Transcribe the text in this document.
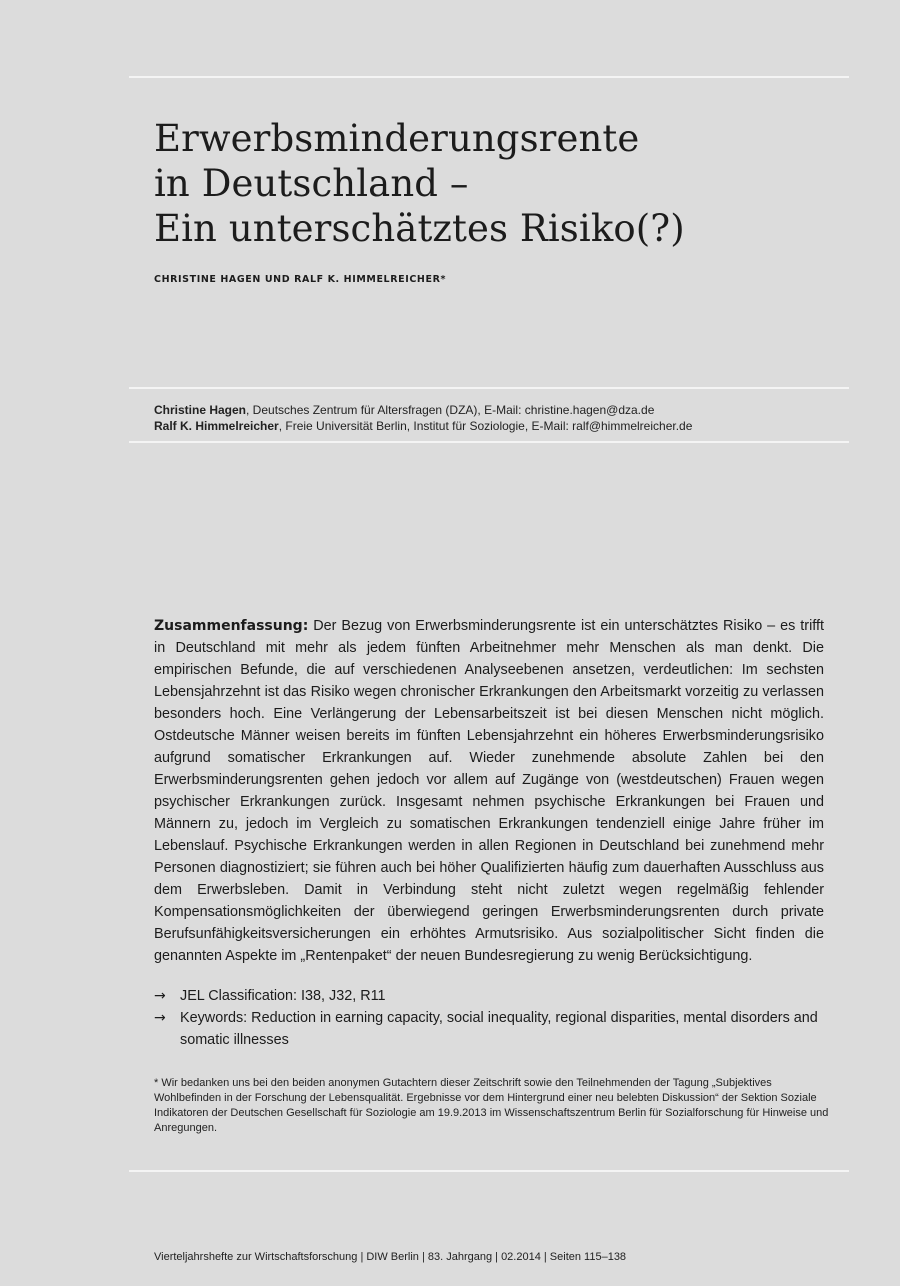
Erwerbsminderungsrente
in Deutschland –
Ein unterschätztes Risiko(?)
CHRISTINE HAGEN UND RALF K. HIMMELREICHER*
Christine Hagen, Deutsches Zentrum für Altersfragen (DZA), E-Mail: christine.hagen@dza.de
Ralf K. Himmelreicher, Freie Universität Berlin, Institut für Soziologie, E-Mail: ralf@himmelreicher.de
Zusammenfassung: Der Bezug von Erwerbsminderungsrente ist ein unterschätztes Risiko – es trifft in Deutschland mit mehr als jedem fünften Arbeitnehmer mehr Menschen als man denkt. Die empirischen Befunde, die auf verschiedenen Analyseebenen ansetzen, verdeutlichen: Im sechsten Lebensjahrzehnt ist das Risiko wegen chronischer Erkrankungen den Arbeitsmarkt vorzeitig zu verlassen besonders hoch. Eine Verlängerung der Lebensarbeitszeit ist bei diesen Menschen nicht möglich. Ostdeutsche Männer weisen bereits im fünften Lebensjahrzehnt ein höheres Erwerbsminderungsrisiko aufgrund somatischer Erkrankungen auf. Wieder zunehmende absolute Zahlen bei den Erwerbsminderungsrenten gehen jedoch vor allem auf Zugänge von (westdeutschen) Frauen wegen psychischer Erkrankungen zurück. Insgesamt nehmen psychische Erkrankungen bei Frauen und Männern zu, jedoch im Vergleich zu somatischen Erkrankungen tendenziell einige Jahre früher im Lebenslauf. Psychische Erkrankungen werden in allen Regionen in Deutschland bei zunehmend mehr Personen diagnostiziert; sie führen auch bei höher Qualifizierten häufig zum dauerhaften Ausschluss aus dem Erwerbsleben. Damit in Verbindung steht nicht zuletzt wegen regelmäßig fehlender Kompensationsmöglichkeiten der überwiegend geringen Erwerbsminderungsrenten durch private Berufsunfähigkeitsversicherungen ein erhöhtes Armutsrisiko. Aus sozialpolitischer Sicht finden die genannten Aspekte im „Rentenpaket“ der neuen Bundesregierung zu wenig Berücksichtigung.
→ JEL Classification: I38, J32, R11
→ Keywords: Reduction in earning capacity, social inequality, regional disparities, mental disorders and somatic illnesses
* Wir bedanken uns bei den beiden anonymen Gutachtern dieser Zeitschrift sowie den Teilnehmenden der Tagung „Subjektives Wohlbefinden in der Forschung der Lebensqualität. Ergebnisse vor dem Hintergrund einer neu belebten Diskussion“ der Sektion Soziale Indikatoren der Deutschen Gesellschaft für Soziologie am 19.9.2013 im Wissenschaftszentrum Berlin für Sozialforschung für Hinweise und Anregungen.
Vierteljahrshefte zur Wirtschaftsforschung | DIW Berlin | 83. Jahrgang | 02.2014 | Seiten 115–138
